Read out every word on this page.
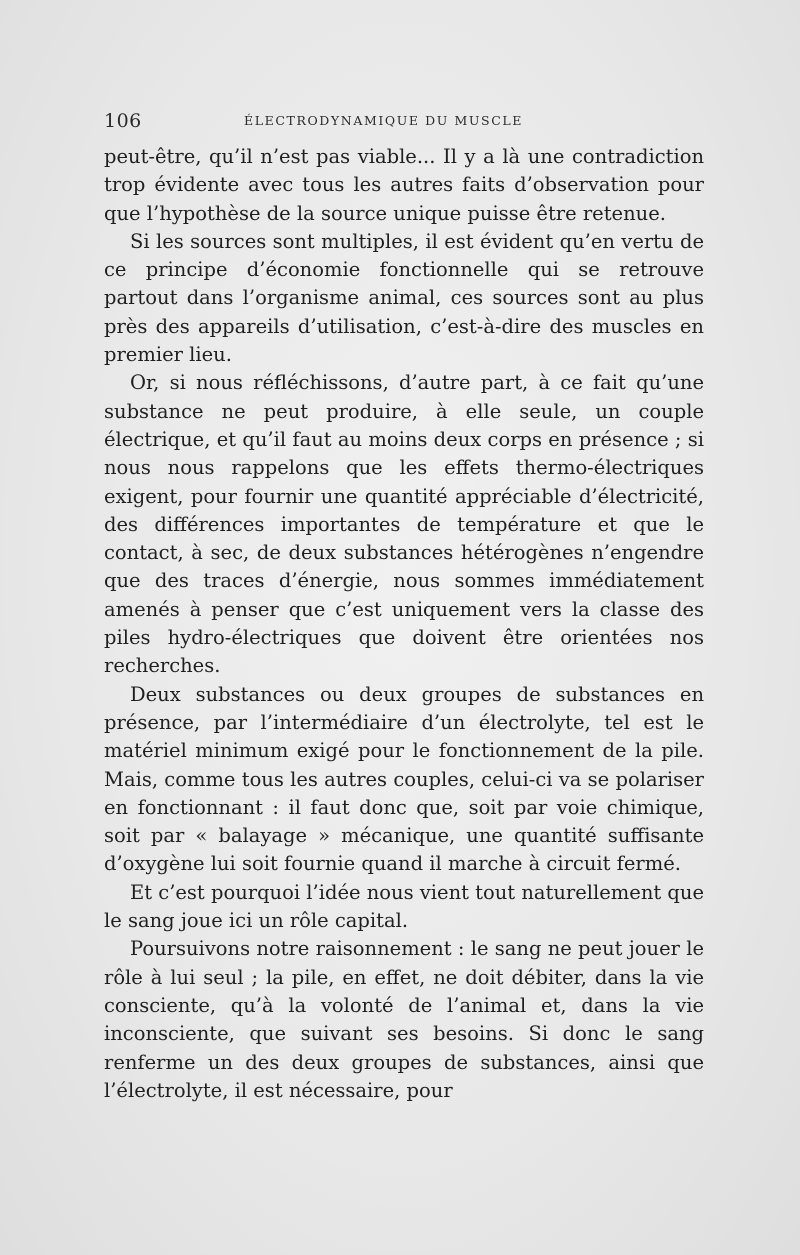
106	ÉLECTRODYNAMIQUE DU MUSCLE

peut-être, qu’il n’est pas viable... Il y a là une contradiction trop évidente avec tous les autres faits d’observation pour que l’hypothèse de la source unique puisse être retenue.

Si les sources sont multiples, il est évident qu’en vertu de ce principe d’économie fonctionnelle qui se retrouve partout dans l’organisme animal, ces sources sont au plus près des appareils d’utilisation, c’est-à-dire des muscles en premier lieu.

Or, si nous réfléchissons, d’autre part, à ce fait qu’une substance ne peut produire, à elle seule, un couple électrique, et qu’il faut au moins deux corps en présence ; si nous nous rappelons que les effets thermo-électriques exigent, pour fournir une quantité appréciable d’électricité, des différences importantes de température et que le contact, à sec, de deux substances hétérogènes n’engendre que des traces d’énergie, nous sommes immédiatement amenés à penser que c’est uniquement vers la classe des piles hydro-électriques que doivent être orientées nos recherches.

Deux substances ou deux groupes de substances en présence, par l’intermédiaire d’un électrolyte, tel est le matériel minimum exigé pour le fonctionnement de la pile. Mais, comme tous les autres couples, celui-ci va se polariser en fonctionnant : il faut donc que, soit par voie chimique, soit par « balayage » mécanique, une quantité suffisante d’oxygène lui soit fournie quand il marche à circuit fermé.

Et c’est pourquoi l’idée nous vient tout naturellement que le sang joue ici un rôle capital.

Poursuivons notre raisonnement : le sang ne peut jouer le rôle à lui seul ; la pile, en effet, ne doit débiter, dans la vie consciente, qu’à la volonté de l’animal et, dans la vie inconsciente, que suivant ses besoins. Si donc le sang renferme un des deux groupes de substances, ainsi que l’électrolyte, il est nécessaire, pour
